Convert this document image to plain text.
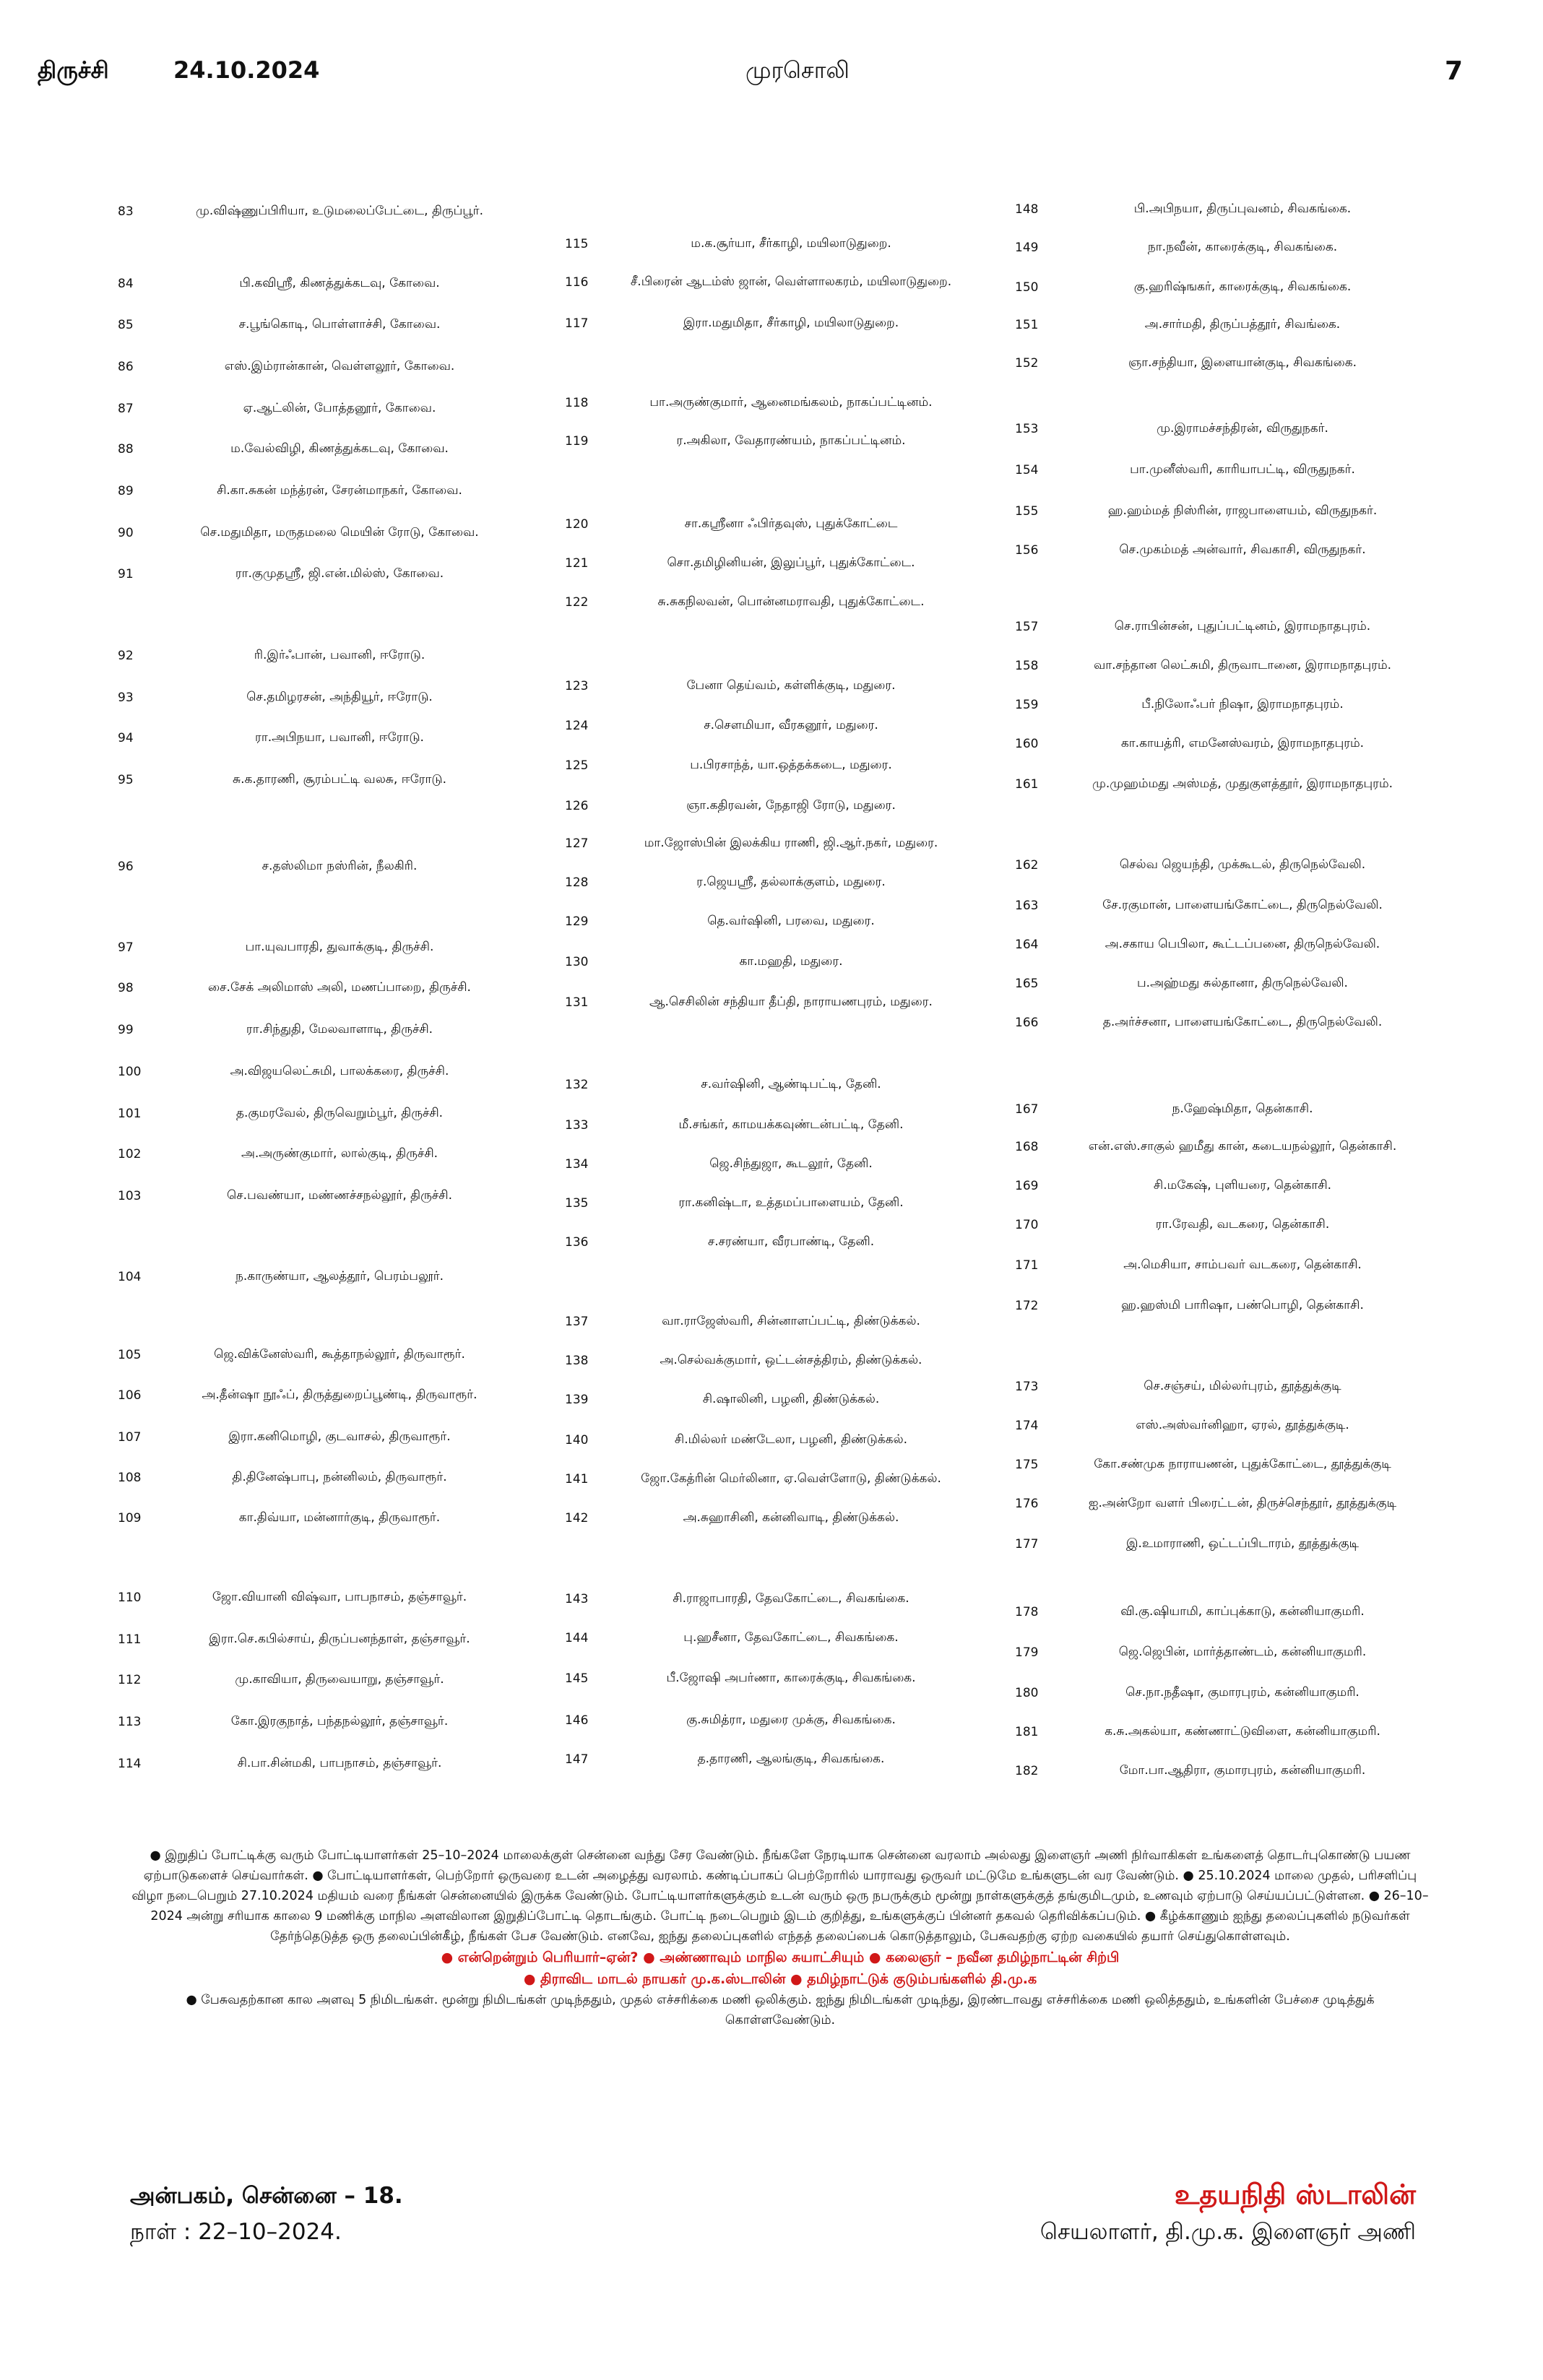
திருச்சி	24.10.2024	முரசொலி	7
83	மு.விஷ்ணுப்பிரியா, உடுமலைப்பேட்டை, திருப்பூர்.
84	பி.கவிஸ்ரீ, கிணத்துக்கடவு, கோவை.
85	ச.பூங்கொடி, பொள்ளாச்சி, கோவை.
86	எஸ்.இம்ரான்கான், வெள்ளலூர், கோவை.
87	ஏ.ஆட்லின், போத்தனூர், கோவை.
88	ம.வேல்விழி, கிணத்துக்கடவு, கோவை.
89	சி.கா.சுகன் மந்த்ரன், சேரன்மாநகர், கோவை.
90	செ.மதுமிதா, மருதமலை மெயின் ரோடு, கோவை.
91	ரா.குமுதஸ்ரீ, ஜி.என்.மில்ஸ், கோவை.
92	ரி.இர்ஃபான், பவானி, ஈரோடு.
93	செ.தமிழரசன், அந்தியூர், ஈரோடு.
94	ரா.அபிநயா, பவானி, ஈரோடு.
95	சு.க.தாரணி, சூரம்பட்டி வலசு, ஈரோடு.
96	ச.தஸ்லிமா நஸ்ரின், நீலகிரி.
97	பா.யுவபாரதி, துவாக்குடி, திருச்சி.
98	சை.சேக் அலிமாஸ் அலி, மணப்பாறை, திருச்சி.
99	ரா.சிந்துதி, மேலவாளாடி, திருச்சி.
100	அ.விஜயலெட்சுமி, பாலக்கரை, திருச்சி.
101	த.குமரவேல், திருவெறும்பூர், திருச்சி.
102	அ.அருண்குமார், லால்குடி, திருச்சி.
103	செ.பவண்யா, மண்ணச்சநல்லூர், திருச்சி.
104	ந.காருண்யா, ஆலத்தூர், பெரம்பலூர்.
105	ஜெ.விக்னேஸ்வரி, கூத்தாநல்லூர், திருவாரூர்.
106	அ.தீன்ஷா நூஃப், திருத்துறைப்பூண்டி, திருவாரூர்.
107	இரா.கனிமொழி, குடவாசல், திருவாரூர்.
108	தி.தினேஷ்பாபு, நன்னிலம், திருவாரூர்.
109	கா.திவ்யா, மன்னார்குடி, திருவாரூர்.
110	ஜோ.வியானி விஷ்வா, பாபநாசம், தஞ்சாவூர்.
111	இரா.செ.கபில்சாய், திருப்பனந்தாள், தஞ்சாவூர்.
112	மு.காவியா, திருவையாறு, தஞ்சாவூர்.
113	கோ.இரகுநாத், பந்தநல்லூர், தஞ்சாவூர்.
114	சி.பா.சின்மகி, பாபநாசம், தஞ்சாவூர்.
115	ம.க.சூர்யா, சீர்காழி, மயிலாடுதுறை.
116	சீ.பிரைன் ஆடம்ஸ் ஜான், வெள்ளாலகரம், மயிலாடுதுறை.
117	இரா.மதுமிதா, சீர்காழி, மயிலாடுதுறை.
118	பா.அருண்குமார், ஆனைமங்கலம், நாகப்பட்டினம்.
119	ர.அகிலா, வேதாரண்யம், நாகப்பட்டினம்.
120	சா.கஸ்ரீனா ஃபிர்தவுஸ், புதுக்கோட்டை
121	சொ.தமிழினியன், இலுப்பூர், புதுக்கோட்டை.
122	சு.சுகநிலவன், பொன்னமராவதி, புதுக்கோட்டை.
123	பேனா தெய்வம், கள்ளிக்குடி, மதுரை.
124	ச.சௌமியா, வீரகனூர், மதுரை.
125	ப.பிரசாந்த், யா.ஒத்தக்கடை, மதுரை.
126	ஞா.கதிரவன், நேதாஜி ரோடு, மதுரை.
127	மா.ஜோஸ்பின் இலக்கிய ராணி, ஜி.ஆர்.நகர், மதுரை.
128	ர.ஜெயஸ்ரீ, தல்லாக்குளம், மதுரை.
129	தெ.வர்ஷினி, பரவை, மதுரை.
130	கா.மஹதி, மதுரை.
131	ஆ.செசிலின் சந்தியா தீப்தி, நாராயணபுரம், மதுரை.
132	ச.வர்ஷினி, ஆண்டிபட்டி, தேனி.
133	மீ.சங்கர், காமயக்கவுண்டன்பட்டி, தேனி.
134	ஜெ.சிந்துஜா, கூடலூர், தேனி.
135	ரா.கனிஷ்டா, உத்தமப்பாளையம், தேனி.
136	ச.சரண்யா, வீரபாண்டி, தேனி.
137	வா.ராஜேஸ்வரி, சின்னாளப்பட்டி, திண்டுக்கல்.
138	அ.செல்வக்குமார், ஒட்டன்சத்திரம், திண்டுக்கல்.
139	சி.ஷாலினி, பழனி, திண்டுக்கல்.
140	சி.மில்லர் மண்டேலா, பழனி, திண்டுக்கல்.
141	ஜோ.கேத்ரின் மெர்லினா, ஏ.வெள்ளோடு, திண்டுக்கல்.
142	அ.சுஹாசினி, கன்னிவாடி, திண்டுக்கல்.
143	சி.ராஜாபாரதி, தேவகோட்டை, சிவகங்கை.
144	பு.ஹசீனா, தேவகோட்டை, சிவகங்கை.
145	பீ.ஜோஷி அபர்ணா, காரைக்குடி, சிவகங்கை.
146	கு.சுமித்ரா, மதுரை முக்கு, சிவகங்கை.
147	த.தாரணி, ஆலங்குடி, சிவகங்கை.
148	பி.அபிநயா, திருப்புவனம், சிவகங்கை.
149	நா.நவீன், காரைக்குடி, சிவகங்கை.
150	கு.ஹரிஷ்ஙகர், காரைக்குடி, சிவகங்கை.
151	அ.சார்மதி, திருப்பத்தூர், சிவங்கை.
152	ஞா.சந்தியா, இளையான்குடி, சிவகங்கை.
153	மு.இராமச்சந்திரன், விருதுநகர்.
154	பா.முனீஸ்வரி, காரியாபட்டி, விருதுநகர்.
155	ஹ.ஹம்மத் நிஸ்ரின், ராஜபாளையம், விருதுநகர்.
156	செ.முகம்மத் அன்வார், சிவகாசி, விருதுநகர்.
157	செ.ராபின்சன், புதுப்பட்டினம், இராமநாதபுரம்.
158	வா.சந்தான லெட்சுமி, திருவாடானை, இராமநாதபுரம்.
159	பீ.நிலோஃபர் நிஷா, இராமநாதபுரம்.
160	கா.காயத்ரி, எமனேஸ்வரம், இராமநாதபுரம்.
161	மு.முஹம்மது அஸ்மத், முதுகுளத்தூர், இராமநாதபுரம்.
162	செல்வ ஜெயந்தி, முக்கூடல், திருநெல்வேலி.
163	சே.ரகுமான், பாளையங்கோட்டை, திருநெல்வேலி.
164	அ.சகாய பெபிலா, கூட்டப்பனை, திருநெல்வேலி.
165	ப.அஹ்மது சுல்தானா, திருநெல்வேலி.
166	த.அர்ச்சனா, பாளையங்கோட்டை, திருநெல்வேலி.
167	ந.ஹேஷ்மிதா, தென்காசி.
168	என்.எஸ்.சாகுல் ஹமீது கான், கடையநல்லூர், தென்காசி.
169	சி.மகேஷ், புளியரை, தென்காசி.
170	ரா.ரேவதி, வடகரை, தென்காசி.
171	அ.மெசியா, சாம்பவர் வடகரை, தென்காசி.
172	ஹ.ஹஸ்மி பாரிஷா, பண்பொழி, தென்காசி.
173	செ.சஞ்சய், மில்லர்புரம், தூத்துக்குடி
174	எஸ்.அஸ்வர்னிஹா, ஏரல், தூத்துக்குடி.
175	கோ.சண்முக நாராயணன், புதுக்கோட்டை, தூத்துக்குடி
176	ஐ.அன்றோ வளர் பிரைட்டன், திருச்செந்தூர், தூத்துக்குடி
177	இ.உமாராணி, ஒட்டப்பிடாரம், தூத்துக்குடி
178	வி.கு.ஷியாமி, காப்புக்காடு, கன்னியாகுமரி.
179	ஜெ.ஜெபின், மார்த்தாண்டம், கன்னியாகுமரி.
180	செ.நா.நதீஷா, குமாரபுரம், கன்னியாகுமரி.
181	க.சு.அகல்யா, கண்ணாட்டுவிளை, கன்னியாகுமரி.
182	மோ.பா.ஆதிரா, குமாரபுரம், கன்னியாகுமரி.

● இறுதிப் போட்டிக்கு வரும் போட்டியாளர்கள் 25–10–2024 மாலைக்குள் சென்னை வந்து சேர வேண்டும். நீங்களே நேரடியாக சென்னை வரலாம் அல்லது இளைஞர் அணி நிர்வாகிகள் உங்களைத் தொடர்புகொண்டு பயண ஏற்பாடுகளைச் செய்வார்கள். ● போட்டியாளர்கள், பெற்றோர் ஒருவரை உடன் அழைத்து வரலாம். கண்டிப்பாகப் பெற்றோரில் யாராவது ஒருவர் மட்டுமே உங்களுடன் வர வேண்டும். ● 25.10.2024 மாலை முதல், பரிசளிப்பு விழா நடைபெறும் 27.10.2024 மதியம் வரை நீங்கள் சென்னையில் இருக்க வேண்டும். போட்டியாளர்களுக்கும் உடன் வரும் ஒரு நபருக்கும் மூன்று நாள்களுக்குத் தங்குமிடமும், உணவும் ஏற்பாடு செய்யப்பட்டுள்ளன. ● 26–10–2024 அன்று சரியாக காலை 9 மணிக்கு மாநில அளவிலான இறுதிப்போட்டி தொடங்கும். போட்டி நடைபெறும் இடம் குறித்து, உங்களுக்குப் பின்னர் தகவல் தெரிவிக்கப்படும். ● கீழ்க்காணும் ஐந்து தலைப்புகளில் நடுவர்கள் தேர்ந்தெடுத்த ஒரு தலைப்பின்கீழ், நீங்கள் பேச வேண்டும். எனவே, ஐந்து தலைப்புகளில் எந்தத் தலைப்பைக் கொடுத்தாலும், பேசுவதற்கு ஏற்ற வகையில் தயார் செய்துகொள்ளவும்.

● என்றென்றும் பெரியார்–ஏன்? ● அண்ணாவும் மாநில சுயாட்சியும் ● கலைஞர் – நவீன தமிழ்நாட்டின் சிற்பி

● திராவிட மாடல் நாயகர் மு.க.ஸ்டாலின் ● தமிழ்நாட்டுக் குடும்பங்களில் தி.மு.க

● பேசுவதற்கான கால அளவு 5 நிமிடங்கள். மூன்று நிமிடங்கள் முடிந்ததும், முதல் எச்சரிக்கை மணி ஒலிக்கும். ஐந்து நிமிடங்கள் முடிந்து, இரண்டாவது எச்சரிக்கை மணி ஒலித்ததும், உங்களின் பேச்சை முடித்துக் கொள்ளவேண்டும்.

அன்பகம், சென்னை – 18.
நாள் : 22–10–2024.
உதயநிதி ஸ்டாலின்
செயலாளர், தி.மு.க. இளைஞர் அணி
